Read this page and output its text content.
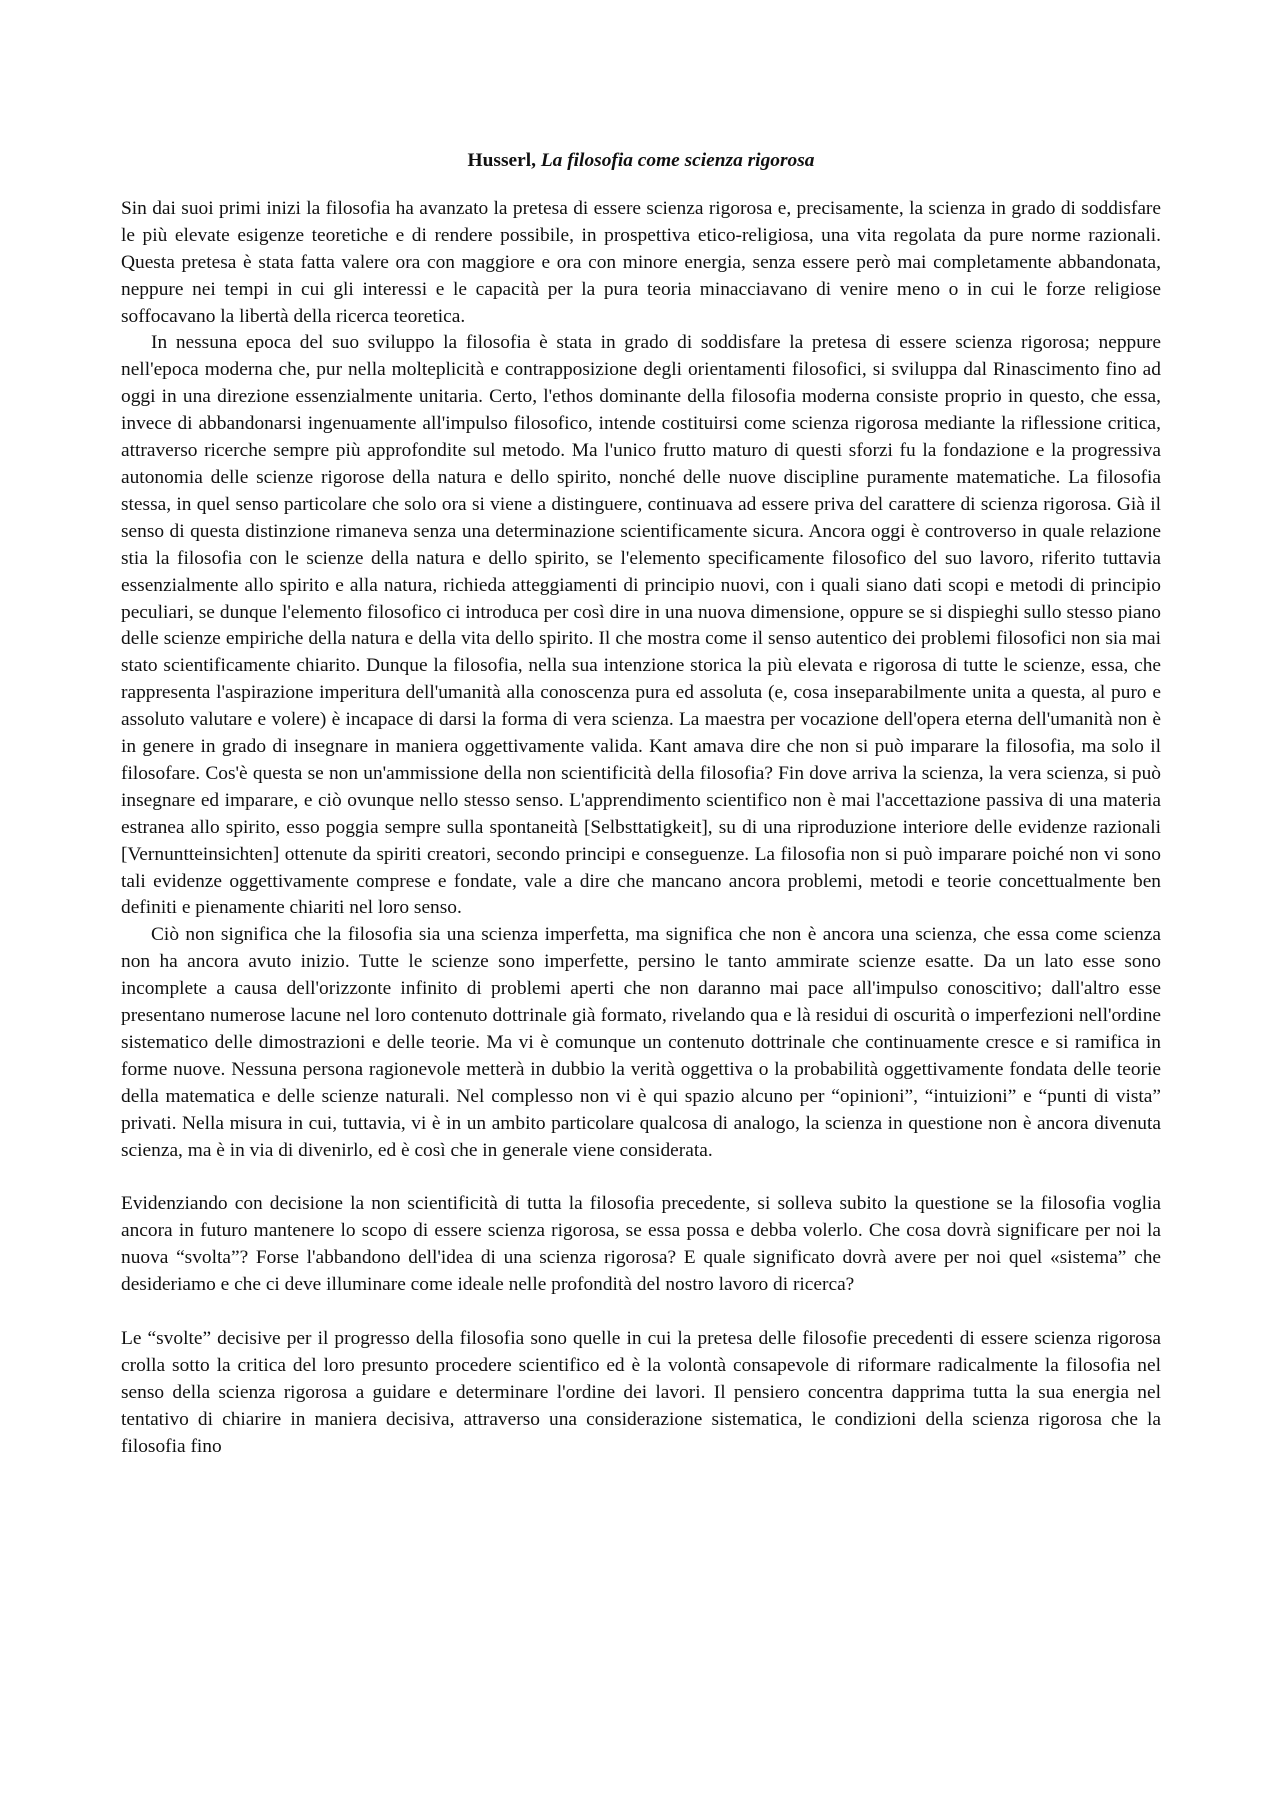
Husserl, La filosofia come scienza rigorosa

Sin dai suoi primi inizi la filosofia ha avanzato la pretesa di essere scienza rigorosa e, precisamente, la scienza in grado di soddisfare le più elevate esigenze teoretiche e di rendere possibile, in prospettiva etico-religiosa, una vita regolata da pure norme razionali. Questa pretesa è stata fatta valere ora con maggiore e ora con minore energia, senza essere però mai completamente abbandonata, neppure nei tempi in cui gli interessi e le capacità per la pura teoria minacciavano di venire meno o in cui le forze religiose soffocavano la libertà della ricerca teoretica.

In nessuna epoca del suo sviluppo la filosofia è stata in grado di soddisfare la pretesa di essere scienza rigorosa; neppure nell'epoca moderna che, pur nella molteplicità e contrapposizione degli orientamenti filosofici, si sviluppa dal Rinascimento fino ad oggi in una direzione essenzialmente unitaria. Certo, l'ethos dominante della filosofia moderna consiste proprio in questo, che essa, invece di abbandonarsi ingenuamente all'impulso filosofico, intende costituirsi come scienza rigorosa mediante la riflessione critica, attraverso ricerche sempre più approfondite sul metodo. Ma l'unico frutto maturo di questi sforzi fu la fondazione e la progressiva autonomia delle scienze rigorose della natura e dello spirito, nonché delle nuove discipline puramente matematiche. La filosofia stessa, in quel senso particolare che solo ora si viene a distinguere, continuava ad essere priva del carattere di scienza rigorosa. Già il senso di questa distinzione rimaneva senza una determinazione scientificamente sicura. Ancora oggi è controverso in quale relazione stia la filosofia con le scienze della natura e dello spirito, se l'elemento specificamente filosofico del suo lavoro, riferito tuttavia essenzialmente allo spirito e alla natura, richieda atteggiamenti di principio nuovi, con i quali siano dati scopi e metodi di principio peculiari, se dunque l'elemento filosofico ci introduca per così dire in una nuova dimensione, oppure se si dispieghi sullo stesso piano delle scienze empiriche della natura e della vita dello spirito. Il che mostra come il senso autentico dei problemi filosofici non sia mai stato scientificamente chiarito. Dunque la filosofia, nella sua intenzione storica la più elevata e rigorosa di tutte le scienze, essa, che rappresenta l'aspirazione imperitura dell'umanità alla conoscenza pura ed assoluta (e, cosa inseparabilmente unita a questa, al puro e assoluto valutare e volere) è incapace di darsi la forma di vera scienza. La maestra per vocazione dell'opera eterna dell'umanità non è in genere in grado di insegnare in maniera oggettivamente valida. Kant amava dire che non si può imparare la filosofia, ma solo il filosofare. Cos'è questa se non un'ammissione della non scientificità della filosofia? Fin dove arriva la scienza, la vera scienza, si può insegnare ed imparare, e ciò ovunque nello stesso senso. L'apprendimento scientifico non è mai l'accettazione passiva di una materia estranea allo spirito, esso poggia sempre sulla spontaneità [Selbsttatigkeit], su di una riproduzione interiore delle evidenze razionali [Vernuntteinsichten] ottenute da spiriti creatori, secondo principi e conseguenze. La filosofia non si può imparare poiché non vi sono tali evidenze oggettivamente comprese e fondate, vale a dire che mancano ancora problemi, metodi e teorie concettualmente ben definiti e pienamente chiariti nel loro senso.

Ciò non significa che la filosofia sia una scienza imperfetta, ma significa che non è ancora una scienza, che essa come scienza non ha ancora avuto inizio. Tutte le scienze sono imperfette, persino le tanto ammirate scienze esatte. Da un lato esse sono incomplete a causa dell'orizzonte infinito di problemi aperti che non daranno mai pace all'impulso conoscitivo; dall'altro esse presentano numerose lacune nel loro contenuto dottrinale già formato, rivelando qua e là residui di oscurità o imperfezioni nell'ordine sistematico delle dimostrazioni e delle teorie. Ma vi è comunque un contenuto dottrinale che continuamente cresce e si ramifica in forme nuove. Nessuna persona ragionevole metterà in dubbio la verità oggettiva o la probabilità oggettivamente fondata delle teorie della matematica e delle scienze naturali. Nel complesso non vi è qui spazio alcuno per “opinioni”, “intuizioni” e “punti di vista” privati. Nella misura in cui, tuttavia, vi è in un ambito particolare qualcosa di analogo, la scienza in questione non è ancora divenuta scienza, ma è in via di divenirlo, ed è così che in generale viene considerata.

Evidenziando con decisione la non scientificità di tutta la filosofia precedente, si solleva subito la questione se la filosofia voglia ancora in futuro mantenere lo scopo di essere scienza rigorosa, se essa possa e debba volerlo. Che cosa dovrà significare per noi la nuova “svolta”? Forse l'abbandono dell'idea di una scienza rigorosa? E quale significato dovrà avere per noi quel «sistema” che desideriamo e che ci deve illuminare come ideale nelle profondità del nostro lavoro di ricerca?

Le “svolte” decisive per il progresso della filosofia sono quelle in cui la pretesa delle filosofie precedenti di essere scienza rigorosa crolla sotto la critica del loro presunto procedere scientifico ed è la volontà consapevole di riformare radicalmente la filosofia nel senso della scienza rigorosa a guidare e determinare l'ordine dei lavori. Il pensiero concentra dapprima tutta la sua energia nel tentativo di chiarire in maniera decisiva, attraverso una considerazione sistematica, le condizioni della scienza rigorosa che la filosofia fino
